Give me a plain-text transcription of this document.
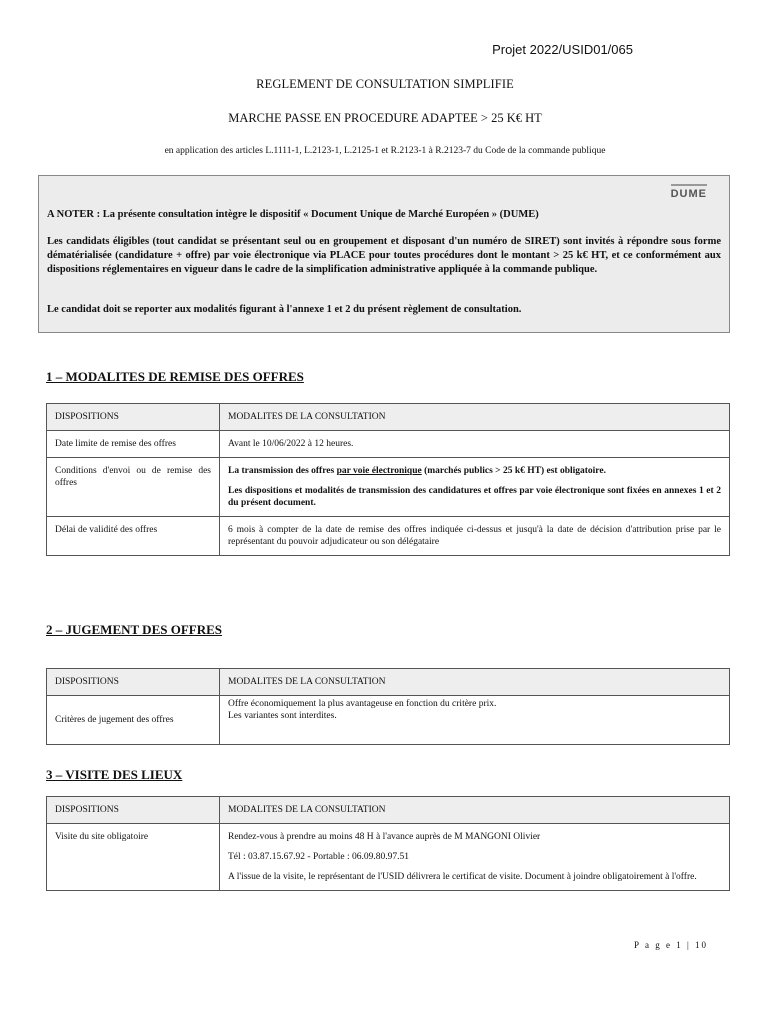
Projet 2022/USID01/065
REGLEMENT DE CONSULTATION SIMPLIFIE
MARCHE PASSE EN PROCEDURE ADAPTEE > 25 K€ HT
en application des articles L.1111-1, L.2123-1, L.2125-1 et R.2123-1 à R.2123-7 du Code de la commande publique
DUME

A NOTER : La présente consultation intègre le dispositif « Document Unique de Marché Européen » (DUME)

Les candidats éligibles (tout candidat se présentant seul ou en groupement et disposant d'un numéro de SIRET) sont invités à répondre sous forme dématérialisée (candidature + offre) par voie électronique via PLACE pour toutes procédures dont le montant > 25 k€ HT, et ce conformément aux dispositions réglementaires en vigueur dans le cadre de la simplification administrative appliquée à la commande publique.

Le candidat doit se reporter aux modalités figurant à l'annexe 1 et 2 du présent règlement de consultation.

1 – MODALITES DE REMISE DES OFFRES
DISPOSITIONS	MODALITES DE LA CONSULTATION
Date limite de remise des offres	Avant le 10/06/2022 à 12 heures.
Conditions d'envoi ou de remise des offres	La transmission des offres par voie électronique (marchés publics > 25 k€ HT) est obligatoire.
Les dispositions et modalités de transmission des candidatures et offres par voie électronique sont fixées en annexes 1 et 2 du présent document.

Délai de validité des offres	6 mois à compter de la date de remise des offres indiquée ci-dessus et jusqu'à la date de décision d'attribution prise par le représentant du pouvoir adjudicateur ou son délégataire
2 – JUGEMENT DES OFFRES
DISPOSITIONS	MODALITES DE LA CONSULTATION
Critères de jugement des offres	Offre économiquement la plus avantageuse en fonction du critère prix.
Les variantes sont interdites.
3 – VISITE DES LIEUX
DISPOSITIONS	MODALITES DE LA CONSULTATION
Visite du site obligatoire	Rendez-vous à prendre au moins 48 H à l'avance auprès de M MANGONI Olivier
Tél : 03.87.15.67.92 - Portable : 06.09.80.97.51
A l'issue de la visite, le représentant de l'USID délivrera le certificat de visite. Document à joindre obligatoirement à l'offre.
P a g e 1 | 10
